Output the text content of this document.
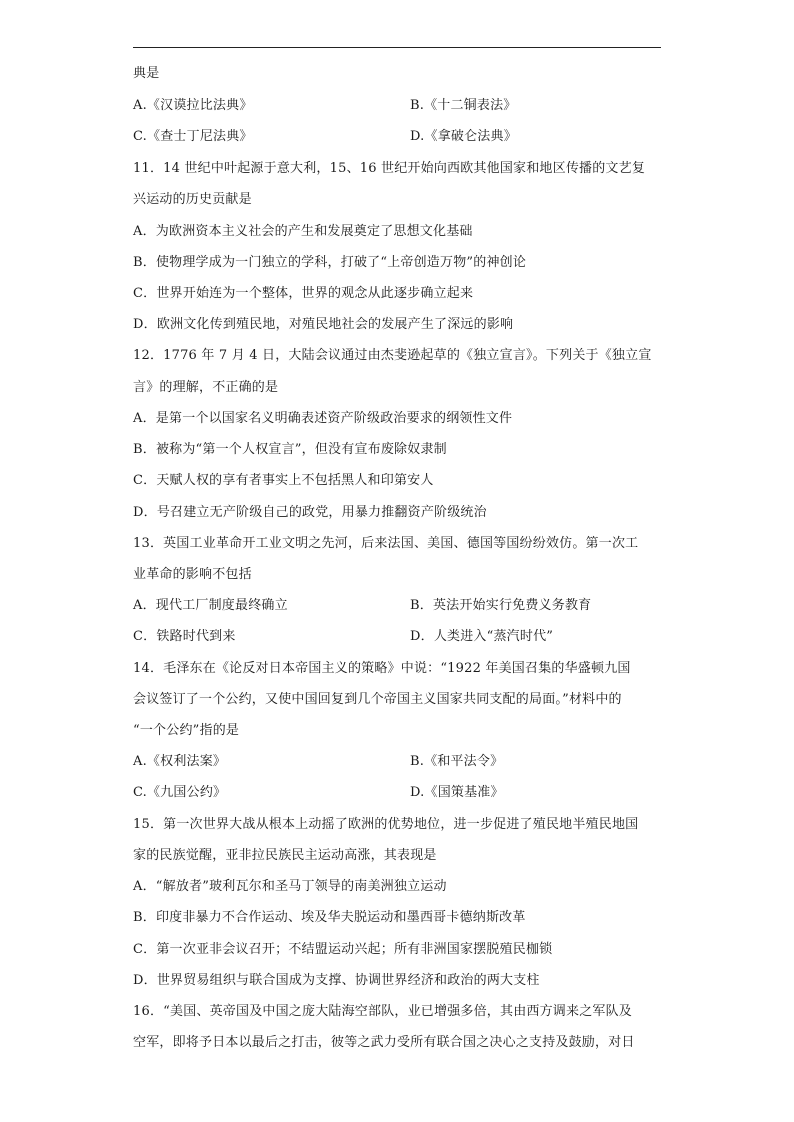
典是
A.《汉谟拉比法典》	B.《十二铜表法》
C.《查士丁尼法典》	D.《拿破仑法典》
11．14 世纪中叶起源于意大利，15、16 世纪开始向西欧其他国家和地区传播的文艺复
兴运动的历史贡献是
A．为欧洲资本主义社会的产生和发展奠定了思想文化基础
B．使物理学成为一门独立的学科，打破了“上帝创造万物”的神创论
C．世界开始连为一个整体，世界的观念从此逐步确立起来
D．欧洲文化传到殖民地，对殖民地社会的发展产生了深远的影响
12．1776 年 7 月 4 日，大陆会议通过由杰斐逊起草的《独立宣言》。下列关于《独立宣
言》的理解，不正确的是
A．是第一个以国家名义明确表述资产阶级政治要求的纲领性文件
B．被称为“第一个人权宣言”，但没有宣布废除奴隶制
C．天赋人权的享有者事实上不包括黑人和印第安人
D．号召建立无产阶级自己的政党，用暴力推翻资产阶级统治
13．英国工业革命开工业文明之先河，后来法国、美国、德国等国纷纷效仿。第一次工
业革命的影响不包括
A．现代工厂制度最终确立	B．英法开始实行免费义务教育
C．铁路时代到来	D．人类进入“蒸汽时代”
14．毛泽东在《论反对日本帝国主义的策略》中说：“1922 年美国召集的华盛顿九国
会议签订了一个公约，又使中国回复到几个帝国主义国家共同支配的局面。”材料中的
“一个公约”指的是
A.《权利法案》	B.《和平法令》
C.《九国公约》	D.《国策基准》
15．第一次世界大战从根本上动摇了欧洲的优势地位，进一步促进了殖民地半殖民地国
家的民族觉醒，亚非拉民族民主运动高涨，其表现是
A．“解放者”玻利瓦尔和圣马丁领导的南美洲独立运动
B．印度非暴力不合作运动、埃及华夫脱运动和墨西哥卡德纳斯改革
C．第一次亚非会议召开；不结盟运动兴起；所有非洲国家摆脱殖民枷锁
D．世界贸易组织与联合国成为支撑、协调世界经济和政治的两大支柱
16．“美国、英帝国及中国之庞大陆海空部队，业已增强多倍，其由西方调来之军队及
空军，即将予日本以最后之打击，彼等之武力受所有联合国之决心之支持及鼓励，对日
